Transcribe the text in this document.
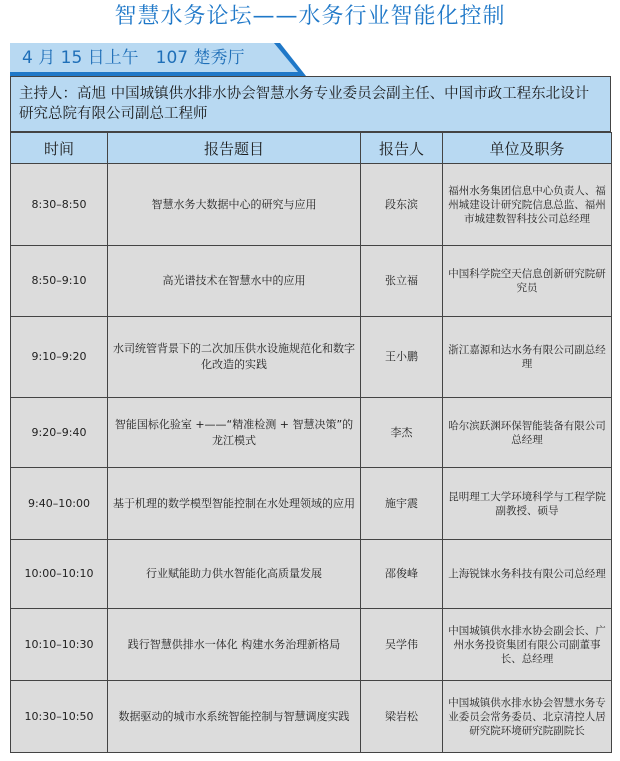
智慧水务论坛——水务行业智能化控制
4 月 15 日上午　107 楚秀厅
主持人：高旭 中国城镇供水排水协会智慧水务专业委员会副主任、中国市政工程东北设计研究总院有限公司副总工程师
时间	报告题目	报告人	单位及职务
8:30–8:50	智慧水务大数据中心的研究与应用	段东滨	福州水务集团信息中心负责人、福州城建设计研究院信息总监、福州市城建数智科技公司总经理
8:50–9:10	高光谱技术在智慧水中的应用	张立福	中国科学院空天信息创新研究院研究员
9:10–9:20	水司统管背景下的二次加压供水设施规范化和数字化改造的实践	王小鹏	浙江嘉源和达水务有限公司副总经理
9:20–9:40	智能国标化验室 +——“精准检测 + 智慧决策”的龙江模式	李杰	哈尔滨跃渊环保智能装备有限公司总经理
9:40–10:00	基于机理的数学模型智能控制在水处理领域的应用	施宇震	昆明理工大学环境科学与工程学院副教授、硕导
10:00–10:10	行业赋能助力供水智能化高质量发展	邵俊峰	上海锐铼水务科技有限公司总经理
10:10–10:30	践行智慧供排水一体化 构建水务治理新格局	吴学伟	中国城镇供水排水协会副会长、广州水务投资集团有限公司副董事长、总经理
10:30–10:50	数据驱动的城市水系统智能控制与智慧调度实践	梁岩松	中国城镇供水排水协会智慧水务专业委员会常务委员、北京清控人居研究院环境研究院副院长
